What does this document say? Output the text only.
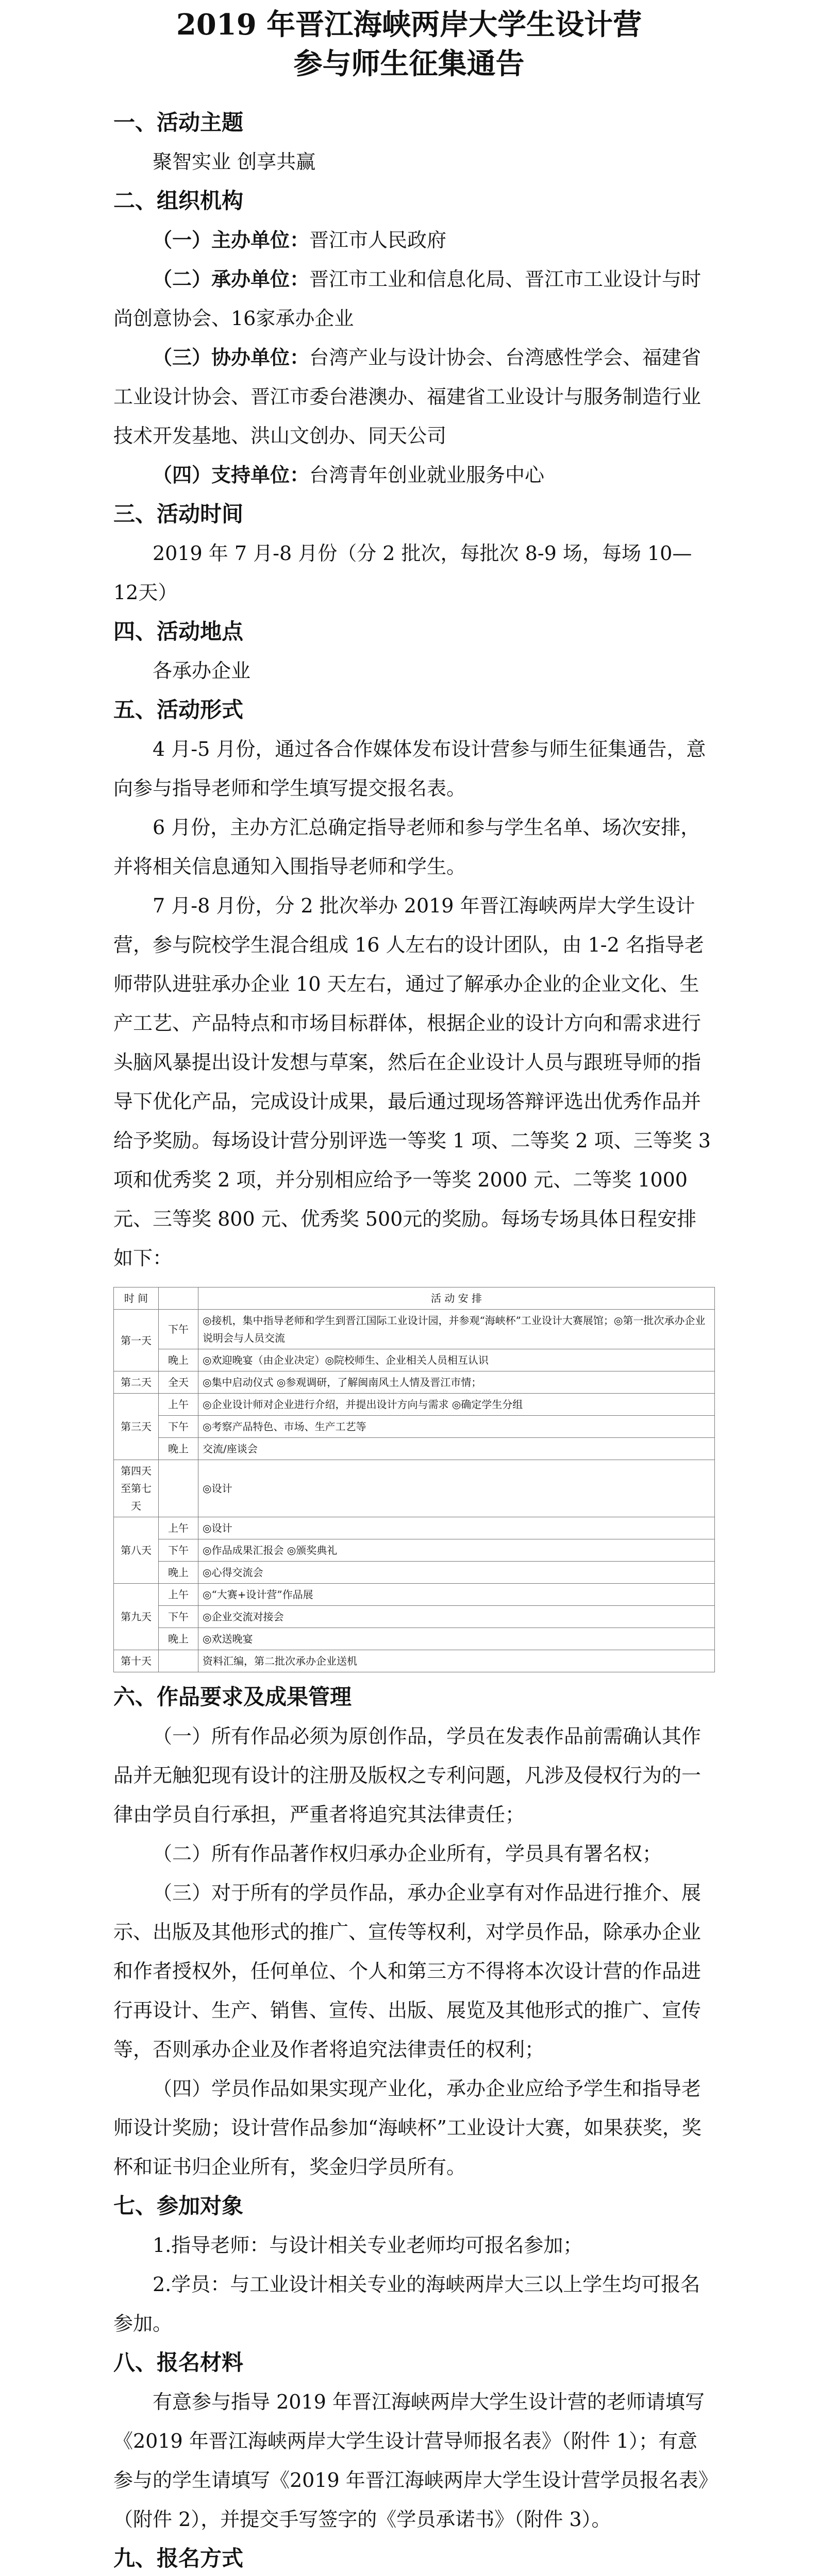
2019 年晋江海峡两岸大学生设计营
参与师生征集通告
一、活动主题

聚智实业 创享共赢

二、组织机构

（一）主办单位：晋江市人民政府

（二）承办单位：晋江市工业和信息化局、晋江市工业设计与时尚创意协会、16家承办企业

（三）协办单位：台湾产业与设计协会、台湾感性学会、福建省工业设计协会、晋江市委台港澳办、福建省工业设计与服务制造行业技术开发基地、洪山文创办、同天公司

（四）支持单位：台湾青年创业就业服务中心

三、活动时间

2019 年 7 月-8 月份（分 2 批次，每批次 8-9 场，每场 10—12天）

四、活动地点

各承办企业

五、活动形式

4 月-5 月份，通过各合作媒体发布设计营参与师生征集通告，意向参与指导老师和学生填写提交报名表。

6 月份，主办方汇总确定指导老师和参与学生名单、场次安排，并将相关信息通知入围指导老师和学生。

7 月-8 月份，分 2 批次举办 2019 年晋江海峡两岸大学生设计营，参与院校学生混合组成 16 人左右的设计团队，由 1-2 名指导老师带队进驻承办企业 10 天左右，通过了解承办企业的企业文化、生产工艺、产品特点和市场目标群体，根据企业的设计方向和需求进行头脑风暴提出设计发想与草案，然后在企业设计人员与跟班导师的指导下优化产品，完成设计成果，最后通过现场答辩评选出优秀作品并给予奖励。每场设计营分别评选一等奖 1 项、二等奖 2 项、三等奖 3 项和优秀奖 2 项，并分别相应给予一等奖 2000 元、二等奖 1000 元、三等奖 800 元、优秀奖 500元的奖励。每场专场具体日程安排如下：

时 间		活 动 安 排
第一天	下午	◎接机，集中指导老师和学生到晋江国际工业设计园，并参观“海峡杯”工业设计大赛展馆；◎第一批次承办企业说明会与人员交流
	晚上	◎欢迎晚宴（由企业决定）◎院校师生、企业相关人员相互认识
第二天	全天	◎集中启动仪式 ◎参观调研，了解闽南风土人情及晋江市情；
第三天	上午	◎企业设计师对企业进行介绍，并提出设计方向与需求 ◎确定学生分组
	下午	◎考察产品特色、市场、生产工艺等
	晚上	交流/座谈会
第四天至第七天		◎设计
第八天	上午	◎设计
	下午	◎作品成果汇报会 ◎颁奖典礼
	晚上	◎心得交流会
第九天	上午	◎“大赛+设计营”作品展
	下午	◎企业交流对接会
	晚上	◎欢送晚宴
第十天		资料汇编，第二批次承办企业送机
六、作品要求及成果管理

（一）所有作品必须为原创作品，学员在发表作品前需确认其作品并无触犯现有设计的注册及版权之专利问题，凡涉及侵权行为的一律由学员自行承担，严重者将追究其法律责任；

（二）所有作品著作权归承办企业所有，学员具有署名权；

（三）对于所有的学员作品，承办企业享有对作品进行推介、展示、出版及其他形式的推广、宣传等权利，对学员作品，除承办企业和作者授权外，任何单位、个人和第三方不得将本次设计营的作品进行再设计、生产、销售、宣传、出版、展览及其他形式的推广、宣传等，否则承办企业及作者将追究法律责任的权利；

（四）学员作品如果实现产业化，承办企业应给予学生和指导老师设计奖励；设计营作品参加“海峡杯”工业设计大赛，如果获奖，奖杯和证书归企业所有，奖金归学员所有。

七、参加对象

1.指导老师：与设计相关专业老师均可报名参加；

2.学员：与工业设计相关专业的海峡两岸大三以上学生均可报名参加。

八、报名材料

有意参与指导 2019 年晋江海峡两岸大学生设计营的老师请填写《2019 年晋江海峡两岸大学生设计营导师报名表》（附件 1）；有意参与的学生请填写《2019 年晋江海峡两岸大学生设计营学员报名表》（附件 2），并提交手写签字的《学员承诺书》（附件 3）。

九、报名方式
